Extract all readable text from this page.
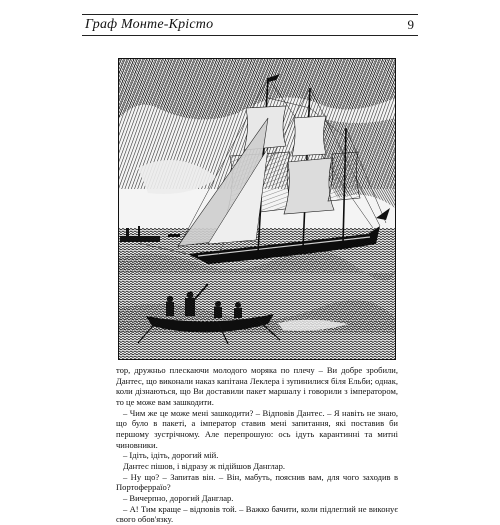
Граф Монте-Крісто	9

тор, дружньо плескаючи молодого моряка по плечу – Ви добре зробили, Дантес, що виконали наказ капітана Леклера і зупинилися біля Ельби; однак, коли дізнаються, що Ви доставили пакет маршалу і говорили з імператором, то це може вам зашкодити.

– Чим же це може мені зашкодити? – Відповів Дантес. – Я навіть не знаю, що було в пакеті, а імператор ставив мені запитання, які поставив би першому зустрічному. Але перепрошую: ось ідуть карантинні та митні чиновники.

– Ідіть, ідіть, дорогий мій.

Дантес пішов, і відразу ж підійшов Данглар.

– Ну що? – Запитав він. – Він, мабуть, пояснив вам, для чого заходив в Портоферраїо?

– Вичерпно, дорогий Данглар.

– А! Тим краще – відповів той. – Важко бачити, коли підлеглий не виконує свого обов'язку.
